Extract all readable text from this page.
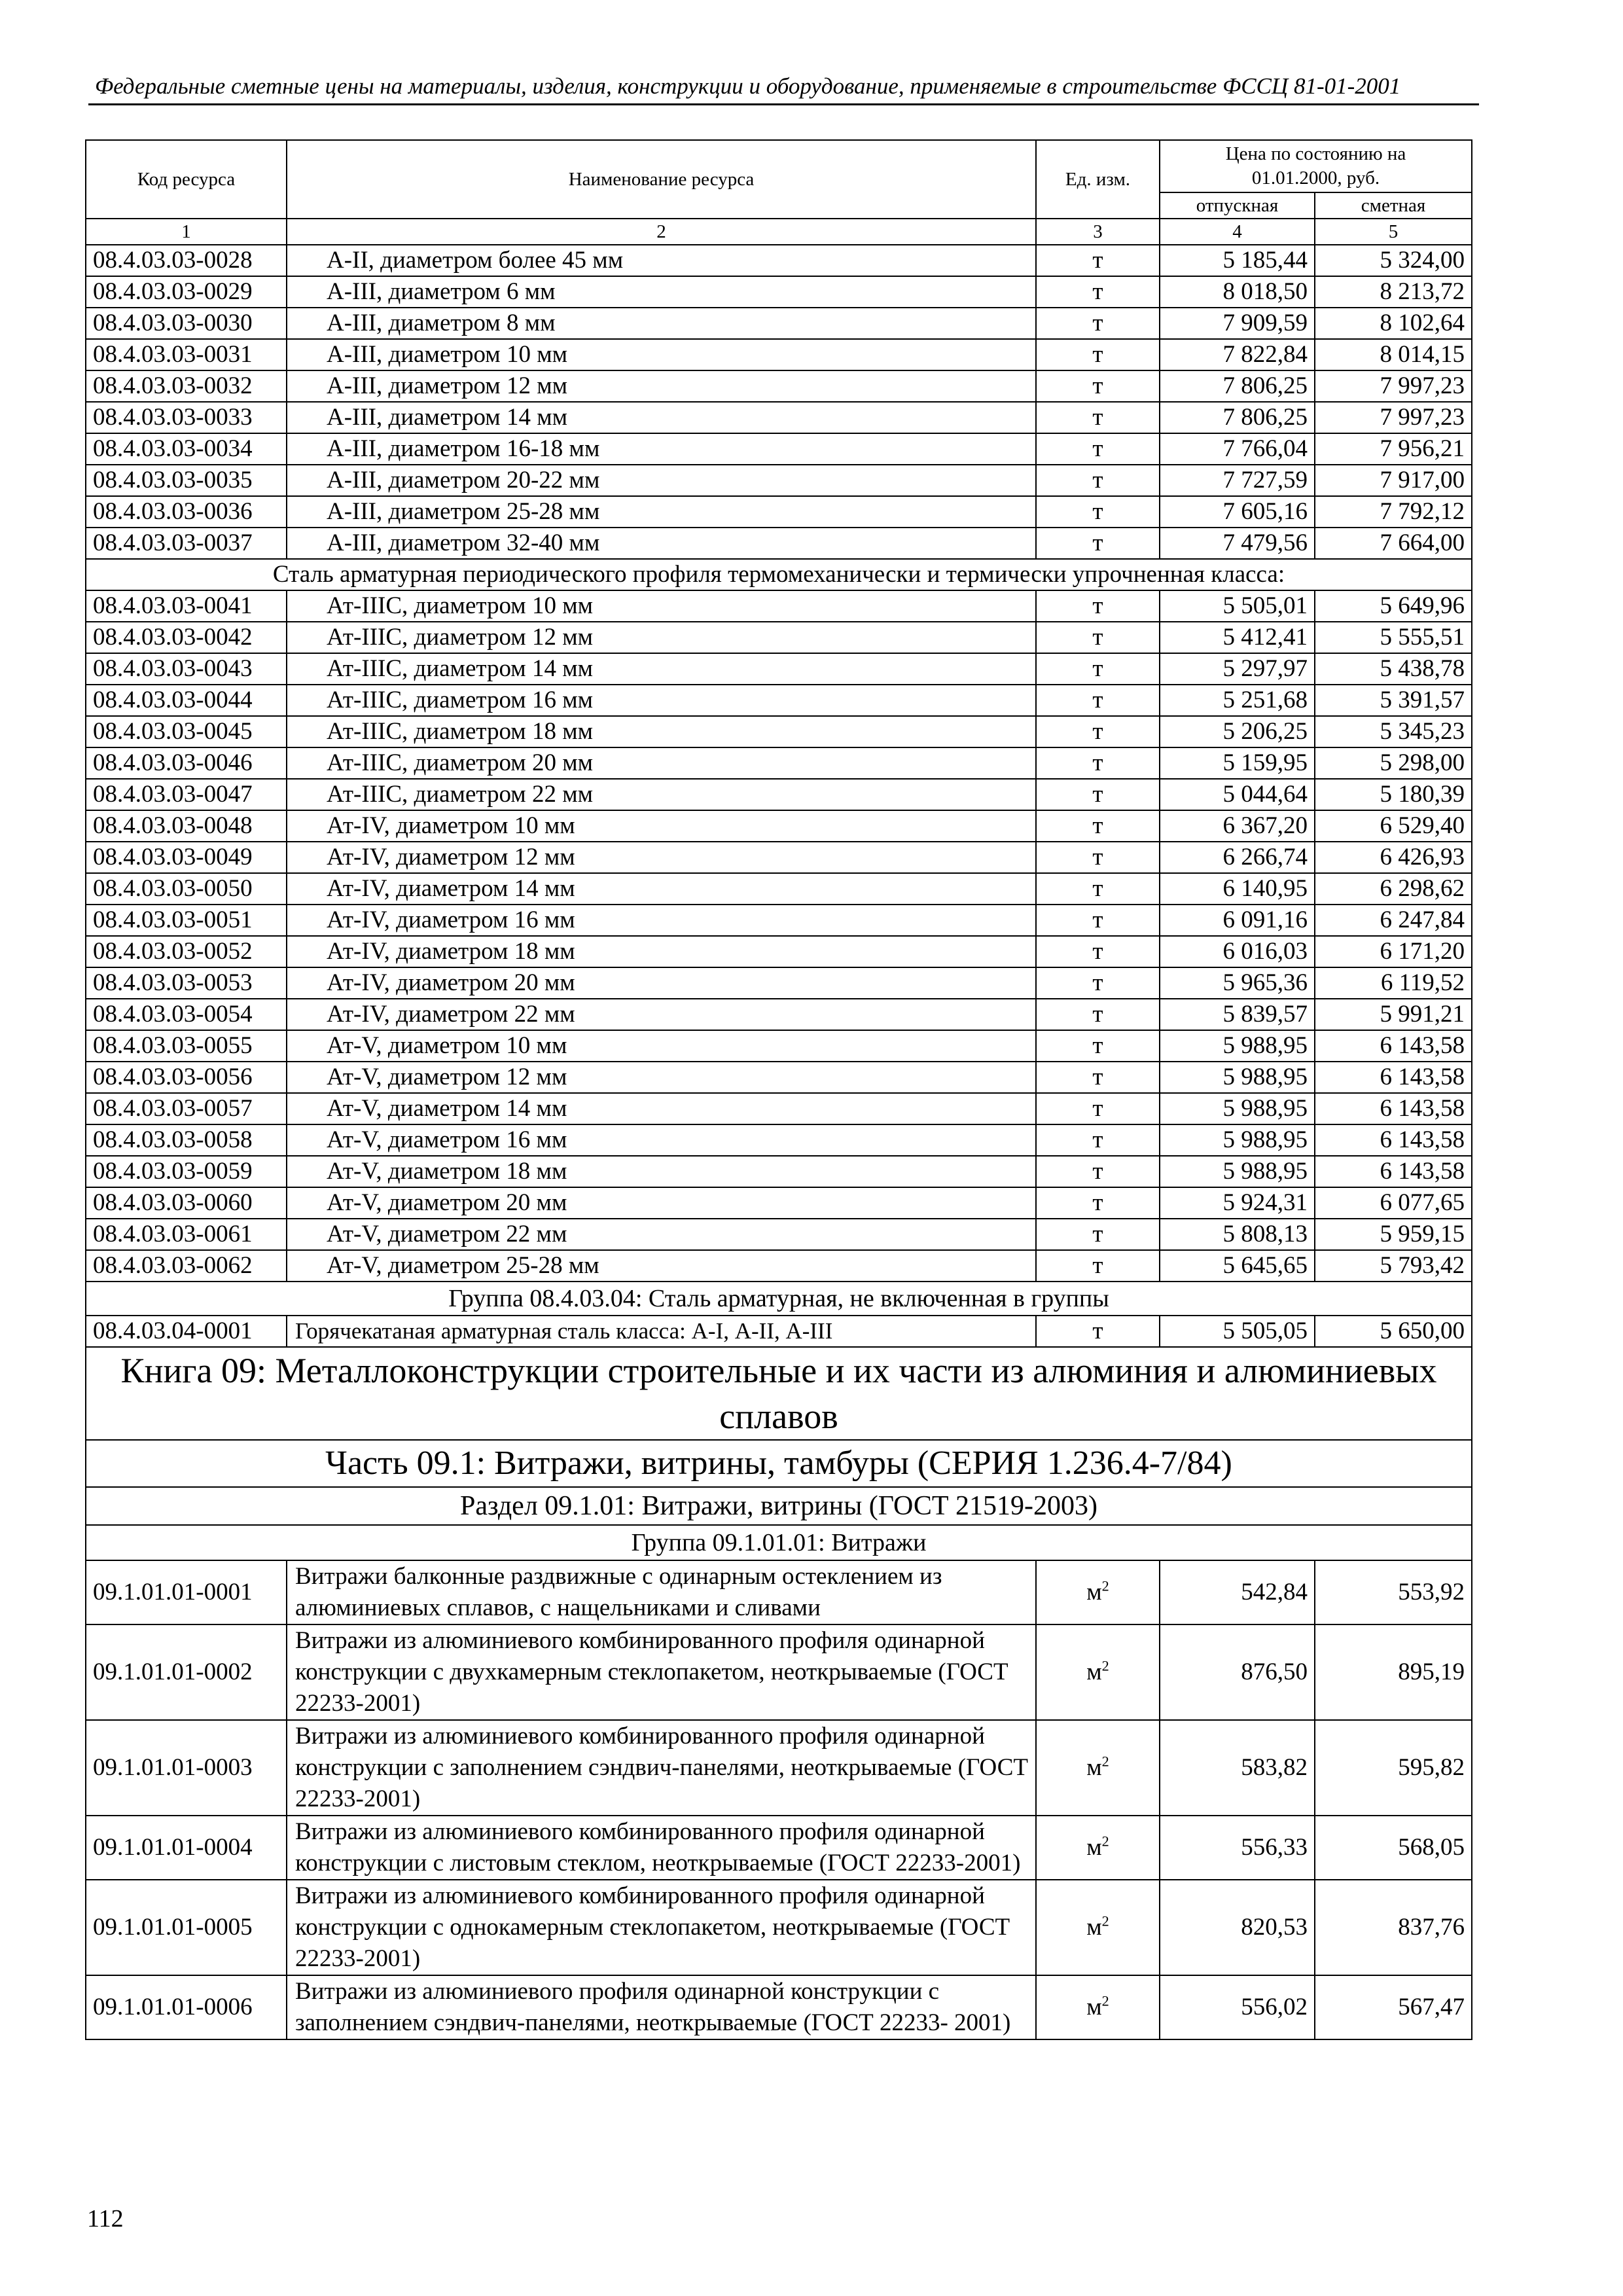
Федеральные сметные цены на материалы, изделия, конструкции и оборудование, применяемые в строительстве ФССЦ 81-01-2001
Код ресурса	Наименование ресурса	Ед. изм.	Цена по состоянию на 01.01.2000, руб.	
			отпускная	сметная
1	2	3	4	5
08.4.03.03-0028	А-II, диаметром более 45 мм	т	5 185,44	5 324,00
08.4.03.03-0029	А-III, диаметром 6 мм	т	8 018,50	8 213,72
08.4.03.03-0030	А-III, диаметром 8 мм	т	7 909,59	8 102,64
08.4.03.03-0031	А-III, диаметром 10 мм	т	7 822,84	8 014,15
08.4.03.03-0032	А-III, диаметром 12 мм	т	7 806,25	7 997,23
08.4.03.03-0033	А-III, диаметром 14 мм	т	7 806,25	7 997,23
08.4.03.03-0034	А-III, диаметром 16-18 мм	т	7 766,04	7 956,21
08.4.03.03-0035	А-III, диаметром 20-22 мм	т	7 727,59	7 917,00
08.4.03.03-0036	А-III, диаметром 25-28 мм	т	7 605,16	7 792,12
08.4.03.03-0037	А-III, диаметром 32-40 мм	т	7 479,56	7 664,00
Сталь арматурная периодического профиля термомеханически и термически упрочненная класса:				
08.4.03.03-0041	Ат-IIIС, диаметром 10 мм	т	5 505,01	5 649,96
08.4.03.03-0042	Ат-IIIС, диаметром 12 мм	т	5 412,41	5 555,51
08.4.03.03-0043	Ат-IIIС, диаметром 14 мм	т	5 297,97	5 438,78
08.4.03.03-0044	Ат-IIIС, диаметром 16 мм	т	5 251,68	5 391,57
08.4.03.03-0045	Ат-IIIС, диаметром 18 мм	т	5 206,25	5 345,23
08.4.03.03-0046	Ат-IIIС, диаметром 20 мм	т	5 159,95	5 298,00
08.4.03.03-0047	Ат-IIIС, диаметром 22 мм	т	5 044,64	5 180,39
08.4.03.03-0048	Ат-IV, диаметром 10 мм	т	6 367,20	6 529,40
08.4.03.03-0049	Ат-IV, диаметром 12 мм	т	6 266,74	6 426,93
08.4.03.03-0050	Ат-IV, диаметром 14 мм	т	6 140,95	6 298,62
08.4.03.03-0051	Ат-IV, диаметром 16 мм	т	6 091,16	6 247,84
08.4.03.03-0052	Ат-IV, диаметром 18 мм	т	6 016,03	6 171,20
08.4.03.03-0053	Ат-IV, диаметром 20 мм	т	5 965,36	6 119,52
08.4.03.03-0054	Ат-IV, диаметром 22 мм	т	5 839,57	5 991,21
08.4.03.03-0055	Ат-V, диаметром 10 мм	т	5 988,95	6 143,58
08.4.03.03-0056	Ат-V, диаметром 12 мм	т	5 988,95	6 143,58
08.4.03.03-0057	Ат-V, диаметром 14 мм	т	5 988,95	6 143,58
08.4.03.03-0058	Ат-V, диаметром 16 мм	т	5 988,95	6 143,58
08.4.03.03-0059	Ат-V, диаметром 18 мм	т	5 988,95	6 143,58
08.4.03.03-0060	Ат-V, диаметром 20 мм	т	5 924,31	6 077,65
08.4.03.03-0061	Ат-V, диаметром 22 мм	т	5 808,13	5 959,15
08.4.03.03-0062	Ат-V, диаметром 25-28 мм	т	5 645,65	5 793,42
Группа 08.4.03.04: Сталь арматурная, не включенная в группы				
08.4.03.04-0001	Горячекатаная арматурная сталь класса: А-I, А-II, А-III	т	5 505,05	5 650,00
Книга 09: Металлоконструкции строительные и их части из алюминия и алюминиевых сплавов				
Часть 09.1: Витражи, витрины, тамбуры (СЕРИЯ 1.236.4-7/84)				
Раздел 09.1.01: Витражи, витрины (ГОСТ 21519-2003)				
Группа 09.1.01.01: Витражи				
09.1.01.01-0001	Витражи балконные раздвижные с одинарным остеклением из алюминиевых сплавов, с нащельниками и сливами	$м^2$	542,84	553,92
09.1.01.01-0002	Витражи из алюминиевого комбинированного профиля одинарной конструкции с двухкамерным стеклопакетом, неоткрываемые (ГОСТ 22233-2001)	$м^2$	876,50	895,19
09.1.01.01-0003	Витражи из алюминиевого комбинированного профиля одинарной конструкции с заполнением сэндвич-панелями, неоткрываемые (ГОСТ 22233-2001)	$м^2$	583,82	595,82
09.1.01.01-0004	Витражи из алюминиевого комбинированного профиля одинарной конструкции с листовым стеклом, неоткрываемые (ГОСТ 22233-2001)	$м^2$	556,33	568,05
09.1.01.01-0005	Витражи из алюминиевого комбинированного профиля одинарной конструкции с однокамерным стеклопакетом, неоткрываемые (ГОСТ 22233-2001)	$м^2$	820,53	837,76
09.1.01.01-0006	Витражи из алюминиевого профиля одинарной конструкции с заполнением сэндвич-панелями, неоткрываемые (ГОСТ 22233- 2001)	$м^2$	556,02	567,47
112
